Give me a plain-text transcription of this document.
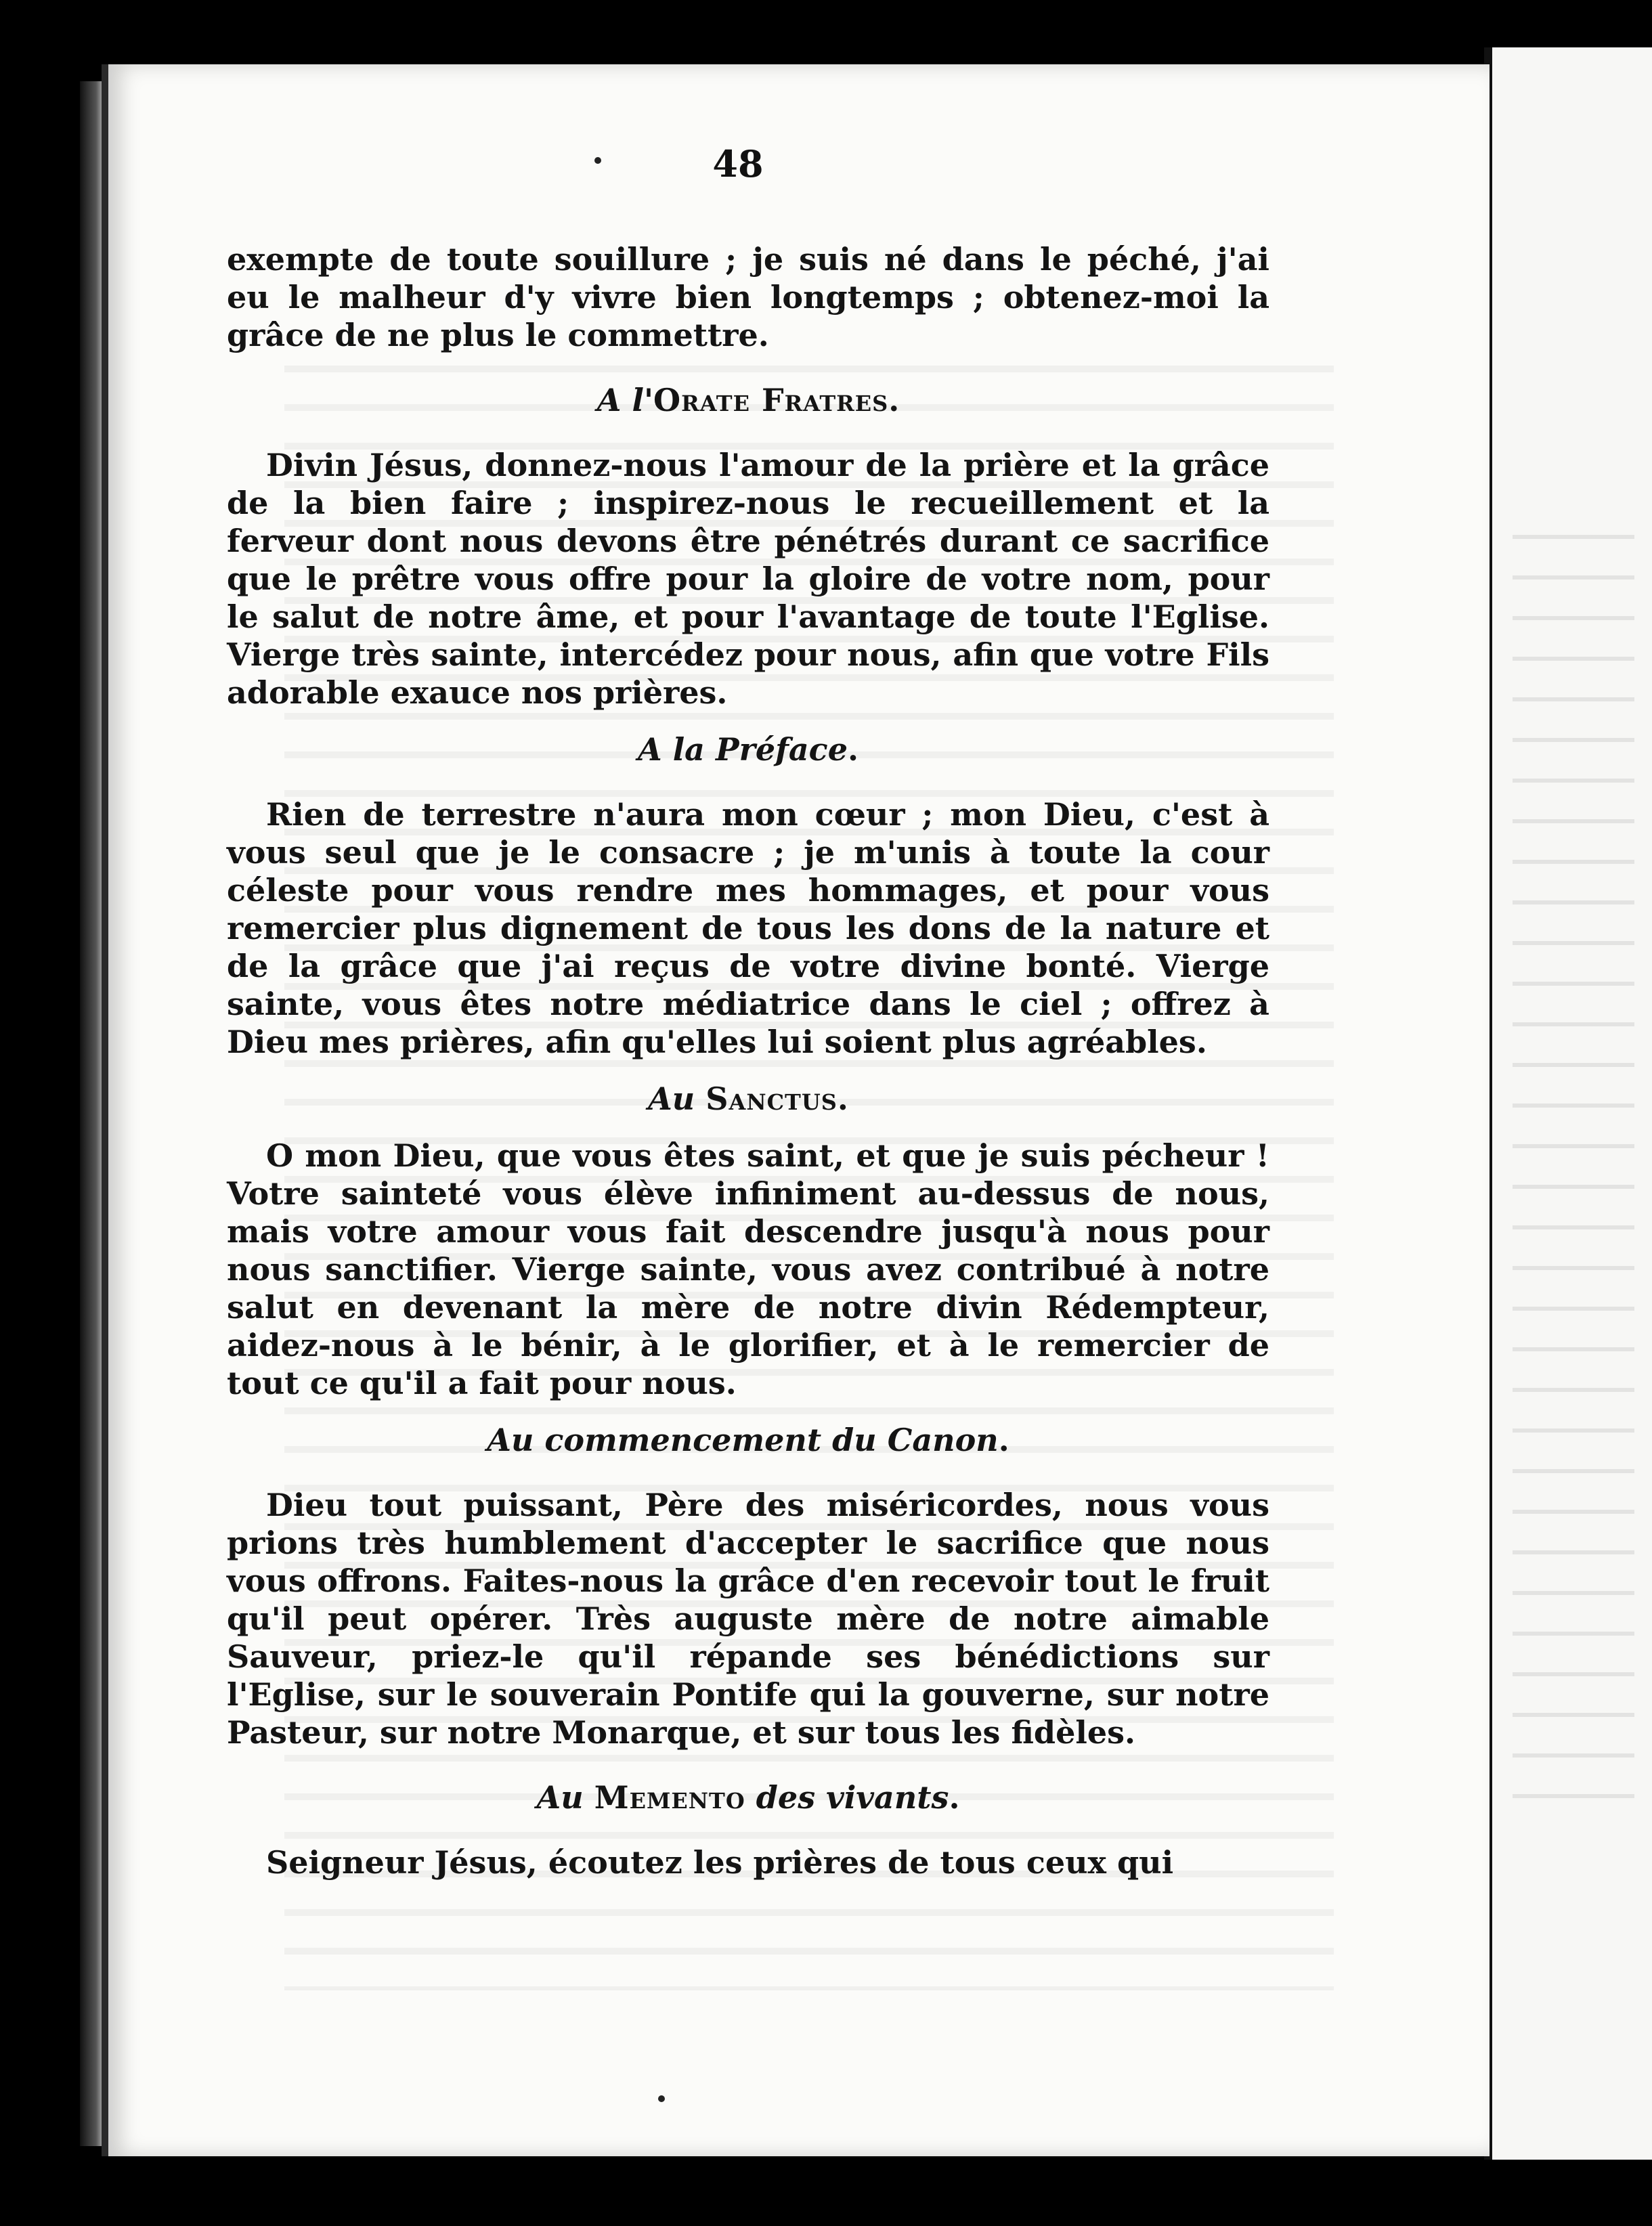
48

exempte de toute souillure ; je suis né dans le péché, j'ai eu le malheur d'y vivre bien longtemps ; obtenez-moi la grâce de ne plus le commettre.

A l'Orate Fratres.

Divin Jésus, donnez-nous l'amour de la prière et la grâce de la bien faire ; inspirez-nous le recueillement et la ferveur dont nous devons être pénétrés durant ce sacrifice que le prêtre vous offre pour la gloire de votre nom, pour le salut de notre âme, et pour l'avantage de toute l'Eglise. Vierge très sainte, intercédez pour nous, afin que votre Fils adorable exauce nos prières.

A la Préface.

Rien de terrestre n'aura mon cœur ; mon Dieu, c'est à vous seul que je le consacre ; je m'unis à toute la cour céleste pour vous rendre mes hommages, et pour vous remercier plus dignement de tous les dons de la nature et de la grâce que j'ai reçus de votre divine bonté. Vierge sainte, vous êtes notre médiatrice dans le ciel ; offrez à Dieu mes prières, afin qu'elles lui soient plus agréables.

Au Sanctus.

O mon Dieu, que vous êtes saint, et que je suis pécheur ! Votre sainteté vous élève infiniment au-dessus de nous, mais votre amour vous fait descendre jusqu'à nous pour nous sanctifier. Vierge sainte, vous avez contribué à notre salut en devenant la mère de notre divin Rédempteur, aidez-nous à le bénir, à le glorifier, et à le remercier de tout ce qu'il a fait pour nous.

Au commencement du Canon.

Dieu tout puissant, Père des miséricordes, nous vous prions très humblement d'accepter le sacrifice que nous vous offrons. Faites-nous la grâce d'en recevoir tout le fruit qu'il peut opérer. Très auguste mère de notre aimable Sauveur, priez-le qu'il répande ses bénédictions sur l'Eglise, sur le souverain Pontife qui la gouverne, sur notre Pasteur, sur notre Monarque, et sur tous les fidèles.

Au Memento des vivants.

Seigneur Jésus, écoutez les prières de tous ceux qui
